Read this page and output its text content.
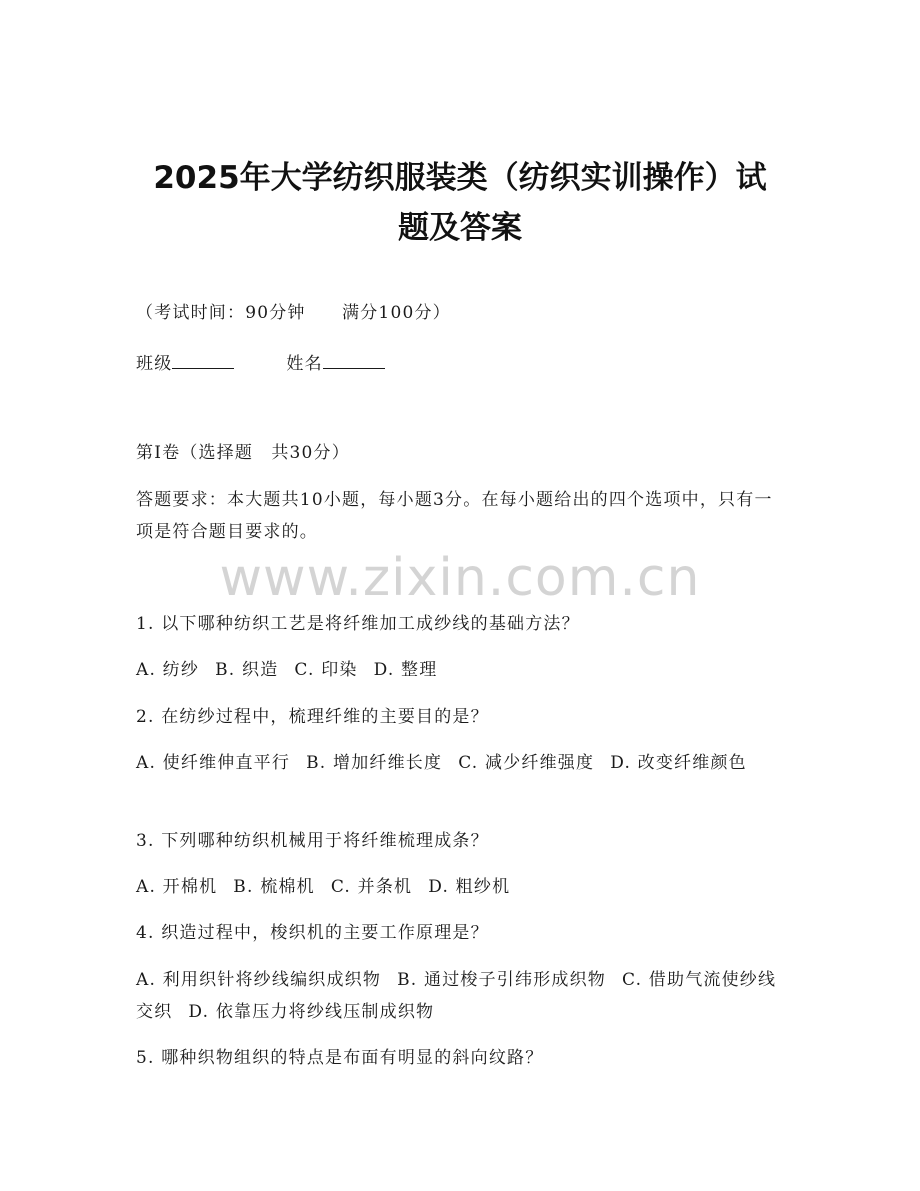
2025年大学纺织服装类（纺织实训操作）试
题及答案
（考试时间：90分钟　　满分100分）
班级	姓名
第Ⅰ卷（选择题　共30分）
答题要求：本大题共10小题，每小题3分。在每小题给出的四个选项中，只有一项是符合题目要求的。
www.zixin.com.cn
1. 以下哪种纺织工艺是将纤维加工成纱线的基础方法？
A. 纺纱 B. 织造 C. 印染 D. 整理
2. 在纺纱过程中，梳理纤维的主要目的是？
A. 使纤维伸直平行 B. 增加纤维长度 C. 减少纤维强度 D. 改变纤维颜色
3. 下列哪种纺织机械用于将纤维梳理成条？
A. 开棉机 B. 梳棉机 C. 并条机 D. 粗纱机
4. 织造过程中，梭织机的主要工作原理是？
A. 利用织针将纱线编织成织物 B. 通过梭子引纬形成织物 C. 借助气流使纱线交织 D. 依靠压力将纱线压制成织物
5. 哪种织物组织的特点是布面有明显的斜向纹路？
